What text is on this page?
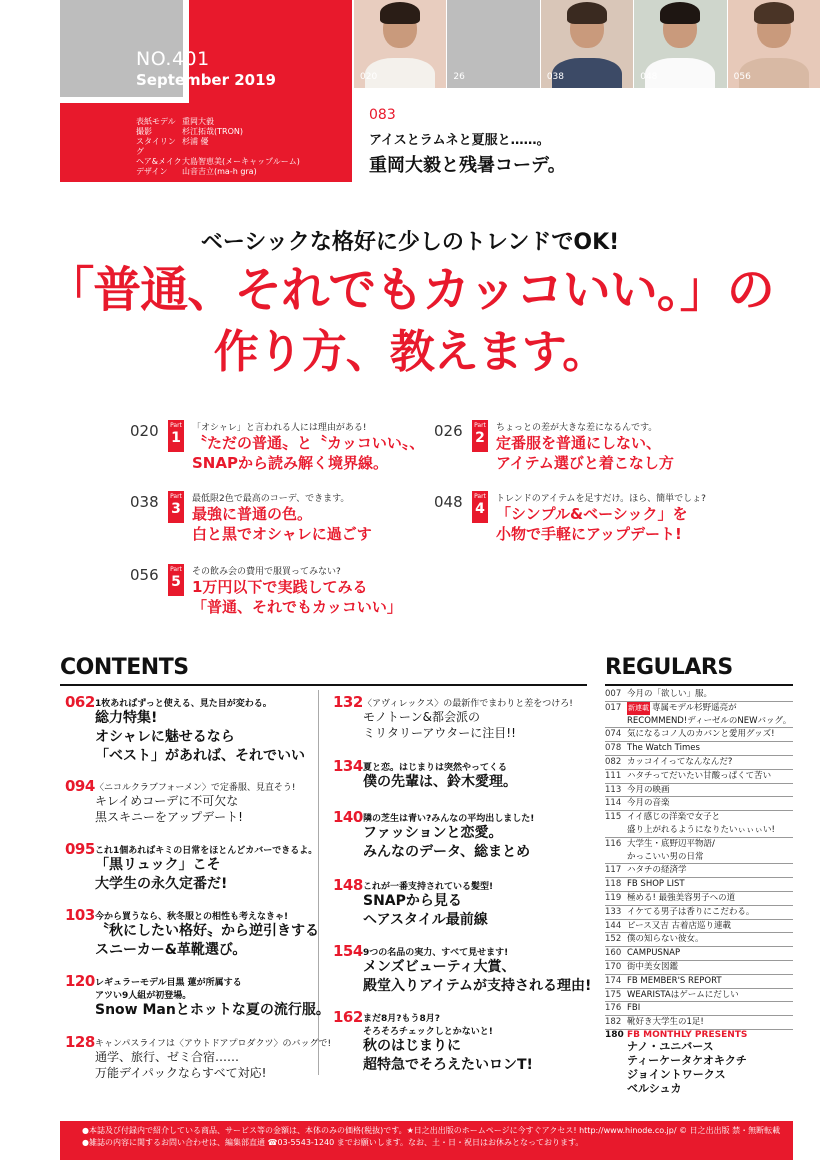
NO.401
September 2019
表紙モデル 重岡大毅
撮影	杉江拓哉(TRON)
スタイリング
杉浦 優
ヘア&メイク 大島智恵美(メーキャップルーム)
デザイン	山音吉立(ma-h gra)
020	26	038	048	056
083
アイスとラムネと夏服と……。
重岡大毅と残暑コーデ。
ベーシックな格好に少しのトレンドでOK!
「普通、それでもカッコいい。」の
作り方、教えます。
020	Part
1
「オシャレ」と言われる人には理由がある!
〝ただの普通〟と〝カッコいい〟、
SNAPから読み解く境界線。
026	Part
2
ちょっとの差が大きな差になるんです。
定番服を普通にしない、
アイテム選びと着こなし方
038	Part
3
最低限2色で最高のコーデ、できます。
最強に普通の色。
白と黒でオシャレに過ごす
048	Part
4
トレンドのアイテムを足すだけ。ほら、簡単でしょ?
「シンプル&ベーシック」を
小物で手軽にアップデート!
056	Part
5
その飲み会の費用で服買ってみない?
1万円以下で実践してみる
「普通、それでもカッコいい」
CONTENTS
062 1枚あればずっと使える、見た目が変わる。
総力特集!
オシャレに魅せるなら
「ベスト」があれば、それでいい
094 〈ニコルクラブフォーメン〉で定番服、見直そう!
キレイめコーデに不可欠な
黒スキニーをアップデート!
095 これ1個あればキミの日常をほとんどカバーできるよ。
「黒リュック」こそ
大学生の永久定番だ!
103 今から買うなら、秋冬服との相性も考えなきゃ!
〝秋にしたい格好〟から逆引きする
スニーカー&革靴選び。
120 レギュラーモデル目黒 蓮が所属する
アツい9人組が初登場。
Snow Manとホットな夏の流行服。
128 キャンパスライフは〈アウトドアプロダクツ〉のバッグで!
通学、旅行、ゼミ合宿……
万能デイパックならすべて対応!
132 〈アヴィレックス〉の最新作でまわりと差をつけろ!
モノトーン&都会派の
ミリタリーアウターに注目!!
134 夏と恋。はじまりは突然やってくる
僕の先輩は、鈴木愛理。
140 隣の芝生は青い?みんなの平均出しました!
ファッションと恋愛。
みんなのデータ、総まとめ
148 これが一番支持されている髪型!
SNAPから見る
ヘアスタイル最前線
154 9つの名品の実力、すべて見せます!
メンズビューティ大賞、
殿堂入りアイテムが支持される理由!
162 まだ8月?もう8月?
そろそろチェックしとかないと!
秋のはじまりに
超特急でそろえたいロンT!
REGULARS
007 今月の「欲しい」服。
017 新連載 専属モデル杉野遥亮が
RECOMMEND!ディーゼルのNEWバッグ。
074 気になるコノ人のカバンと愛用グッズ!
078 The Watch Times
082 カッコイイってなんなんだ?
111 ハタチってだいたい甘酸っぱくて苦い
113 今月の映画
114 今月の音楽
115 イイ感じの洋楽で女子と
盛り上がれるようになりたいぃぃぃい!
116 大学生・底野辺平物語/
かっこいい男の日常
117 ハタチの経済学
118 FB SHOP LIST
119 極める! 最強美容男子への道
133 イケてる男子は香りにこだわる。
144 ピース又吉 古着店巡り連載
152 僕の知らない彼女。
160 CAMPUSNAP
170 街中美女図鑑
174 FB MEMBER'S REPORT
175 WEARISTAはゲームにだしい
176 FBI
182 靴好き大学生の1足!
180 FB MONTHLY PRESENTS
ナノ・ユニバース
ティーケータケオキクチ
ジョイントワークス
ベルシュカ
●本誌及び付録内で紹介している商品、サービス等の金額は、本体のみの価格(税抜)です。★日之出出版のホームページに今すぐアクセス! http://www.hinode.co.jp/ © 日之出出版 禁・無断転載
●雑誌の内容に関するお問い合わせは、編集部直通 ☎03-5543-1240 までお願いします。なお、土・日・祝日はお休みとなっております。
